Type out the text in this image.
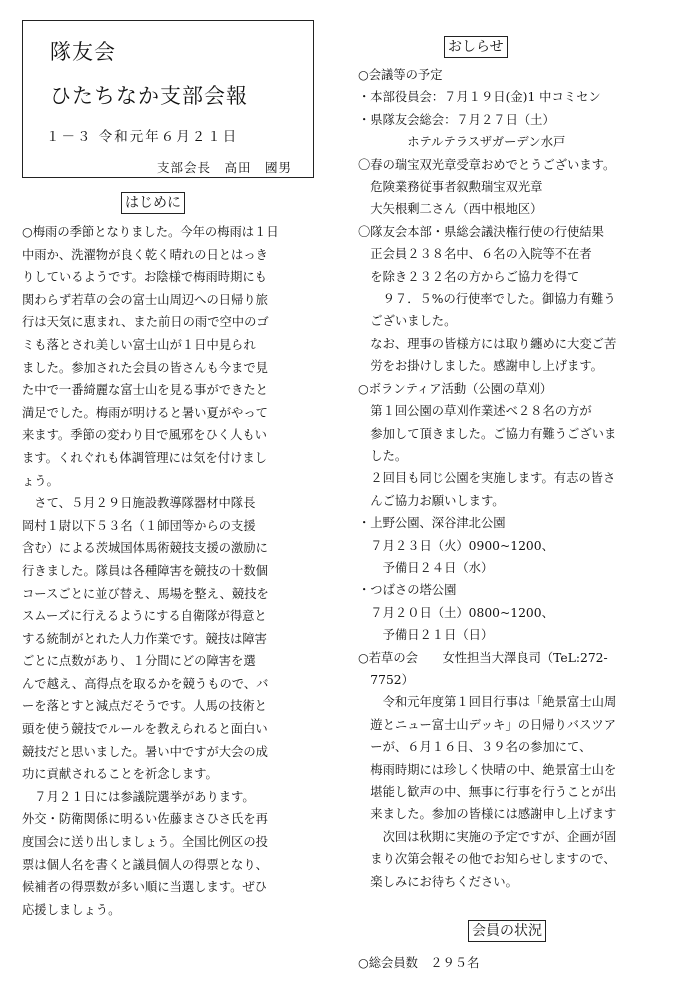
隊友会
ひたちなか支部会報
１－３ 令和元年６月２１日
支部会長　高田　國男
はじめに
○梅雨の季節となりました。今年の梅雨は１日
中雨か、洗濯物が良く乾く晴れの日とはっき
りしているようです。お陰様で梅雨時期にも
関わらず若草の会の富士山周辺への日帰り旅
行は天気に恵まれ、また前日の雨で空中のゴ
ミも落とされ美しい富士山が１日中見られ
ました。参加された会員の皆さんも今まで見
た中で一番綺麗な富士山を見る事ができたと
満足でした。梅雨が明けると暑い夏がやって
来ます。季節の変わり目で風邪をひく人もい
ます。くれぐれも体調管理には気を付けまし
ょう。
　さて、５月２９日施設教導隊器材中隊長
岡村１尉以下５３名（１師団等からの支援
含む）による茨城国体馬術競技支援の激励に
行きました。隊員は各種障害を競技の十数個
コースごとに並び替え、馬場を整え、競技を
スムーズに行えるようにする自衛隊が得意と
する統制がとれた人力作業です。競技は障害
ごとに点数があり、１分間にどの障害を選
んで越え、高得点を取るかを競うもので、バ
ーを落とすと減点だそうです。人馬の技術と
頭を使う競技でルールを教えられると面白い
競技だと思いました。暑い中ですが大会の成
功に貢献されることを祈念します。
　７月２１日には参議院選挙があります。
外交・防衛関係に明るい佐藤まさひさ氏を再
度国会に送り出しましょう。全国比例区の投
票は個人名を書くと議員個人の得票となり、
候補者の得票数が多い順に当選します。ぜひ
応援しましょう。
おしらせ
○会議等の予定
・本部役員会：７月１９日(金)1 中コミセン
・県隊友会総会：７月２７日（土）
　　　　ホテルテラスザガーデン水戸
〇春の瑞宝双光章受章おめでとうございます。
　危険業務従事者叙勲瑞宝双光章
　大矢根剰二さん（西中根地区）
〇隊友会本部・県総会議決権行使の行使結果
　正会員２３８名中、６名の入院等不在者
　を除き２３２名の方からご協力を得て
　　９７．５%の行使率でした。御協力有難う
　ございました。
　なお、理事の皆様方には取り纏めに大変ご苦
　労をお掛けしました。感謝申し上げます。
○ボランティア活動（公園の草刈）
　第１回公園の草刈作業述べ２８名の方が
　参加して頂きました。ご協力有難うございま
　した。
　２回目も同じ公園を実施します。有志の皆さ
　んご協力お願いします。
・上野公園、深谷津北公園
　７月２３日（火）0900~1200、
　　予備日２４日（水）
・つばさの塔公園
　７月２０日（土）0800~1200、
　　予備日２１日（日）
○若草の会　　女性担当大澤良司（TeL:272-
　7752）
　　令和元年度第１回目行事は「絶景富士山周
　遊とニュー富士山デッキ」の日帰りバスツア
　ーが、６月１６日、３９名の参加にて、
　梅雨時期には珍しく快晴の中、絶景富士山を
　堪能し歓声の中、無事に行事を行うことが出
　来ました。参加の皆様には感謝申し上げます
　　次回は秋期に実施の予定ですが、企画が固
　まり次第会報その他でお知らせしますので、
　楽しみにお待ちください。
会員の状況
○総会員数　２９５名
